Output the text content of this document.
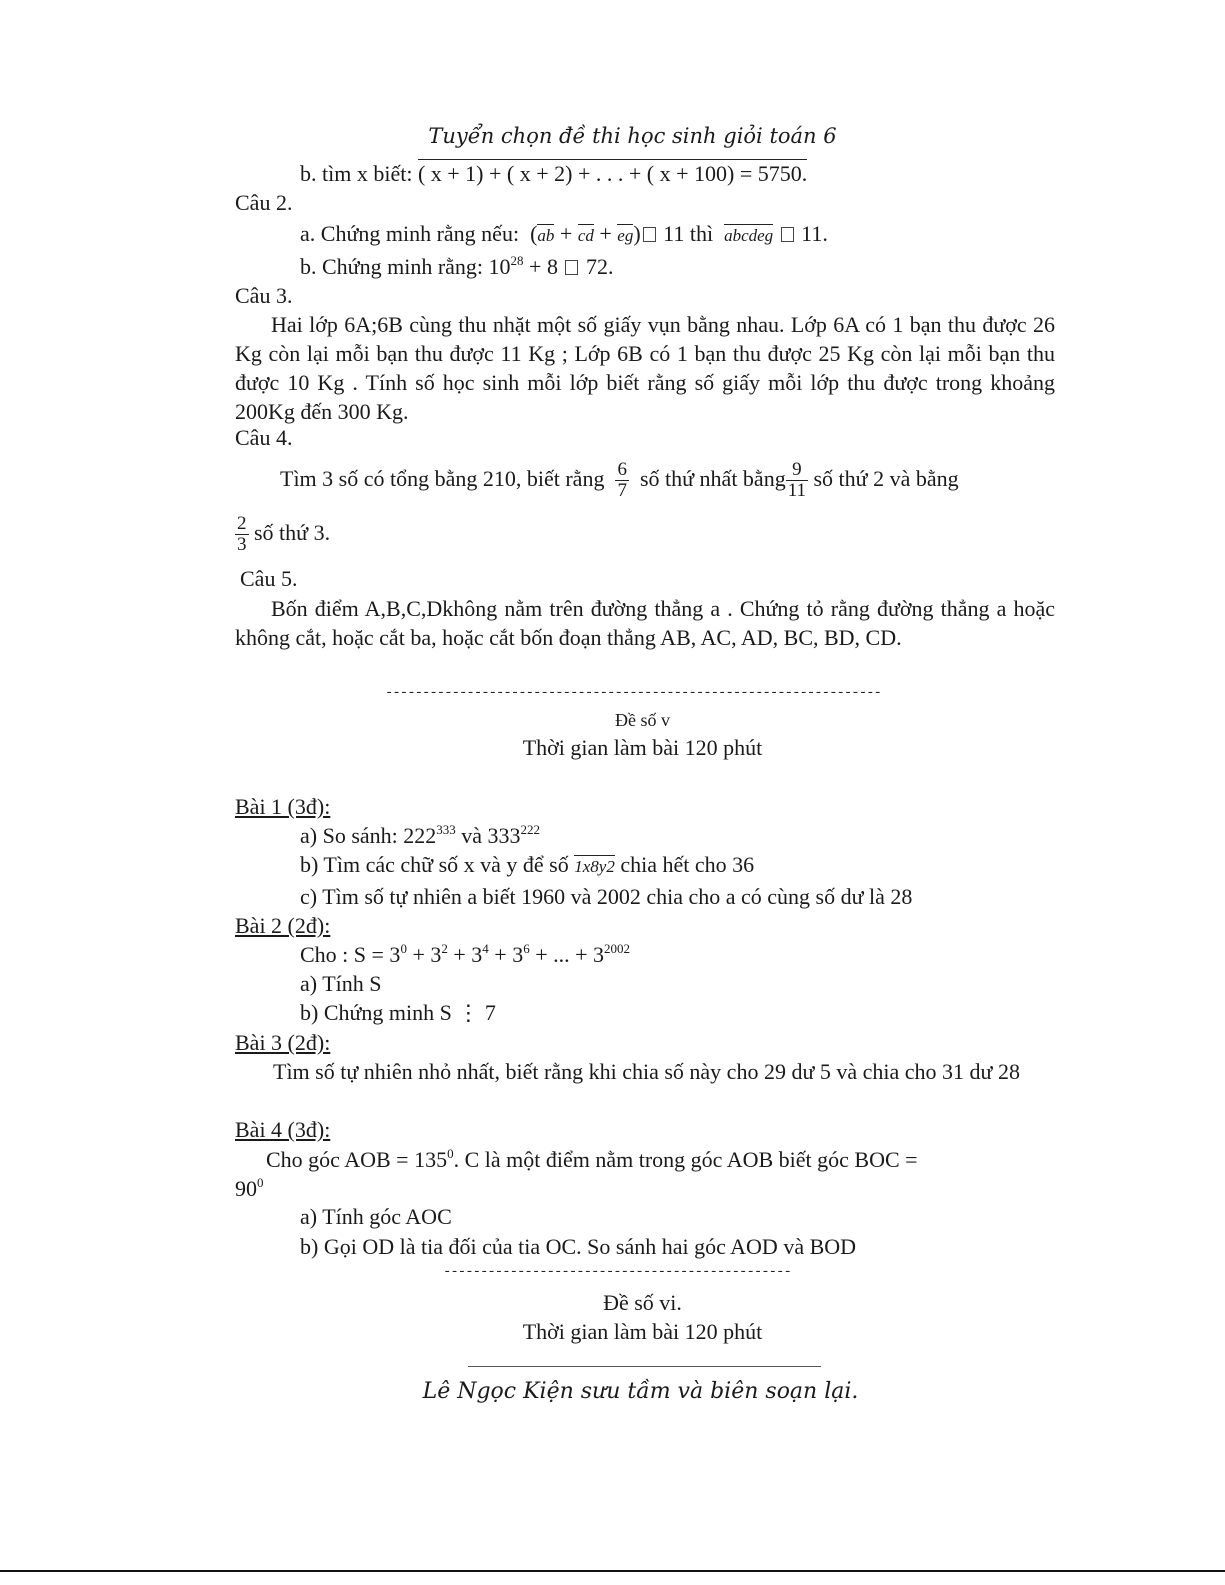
Tuyển chọn đề thi học sinh giỏi toán 6
b. tìm x biết: ( x + 1) + ( x + 2) + . . . + ( x + 100) = 5750.
Câu 2.
a. Chứng minh rằng nếu:  (ab + cd + eg) 11 thì abcdeg 11.
b. Chứng minh rằng: $10^{28} + 8$ 72.
Câu 3.
Hai lớp 6A;6B cùng thu nhặt một số giấy vụn bằng nhau. Lớp 6A có 1 bạn thu được 26 Kg còn lại mỗi bạn thu được 11 Kg ; Lớp 6B có 1 bạn thu được 25 Kg còn lại mỗi bạn thu được 10 Kg . Tính số học sinh mỗi lớp biết rằng số giấy mỗi lớp thu được trong khoảng 200Kg đến 300 Kg.
Câu 4.
Tìm 3 số có tổng bằng 210, biết rằng $\frac{6}{7}$ số thứ nhất bằng $\frac{9}{11}$ số thứ 2 và bằng
$\frac{2}{3}$ số thứ 3.
Câu 5.
Bốn điểm A,B,C,Dkhông nằm trên đường thẳng a . Chứng tỏ rằng đường thẳng a hoặc không cắt, hoặc cắt ba, hoặc cắt bốn đoạn thẳng AB, AC, AD, BC, BD, CD.
-------------------------------------------------------------------
Đề số v
Thời gian làm bài 120 phút
Bài 1 (3đ):
a) So sánh: $222^{333}$ và $333^{222}$
b) Tìm các chữ số x và y để số 1x8y2 chia hết cho 36
c) Tìm số tự nhiên a biết 1960 và 2002 chia cho a có cùng số dư là 28
Bài 2 (2đ):
Cho : $S = 3^0 + 3^2 + 3^4 + 3^6$ + ... + $3^{2002}$
a) Tính S
b) Chứng minh S ⋮ 7
Bài 3 (2đ):
Tìm số tự nhiên nhỏ nhất, biết rằng khi chia số này cho 29 dư 5 và chia cho 31 dư 28
Bài 4 (3đ):
Cho góc AOB = $135^0$. C là một điểm nằm trong góc AOB biết góc BOC =
$90^0$
a) Tính góc AOC
b) Gọi OD là tia đối của tia OC. So sánh hai góc AOD và BOD
-----------------------------------------------
Đề số vi.
Thời gian làm bài 120 phút
Lê Ngọc Kiện sưu tầm và biên soạn lại.
